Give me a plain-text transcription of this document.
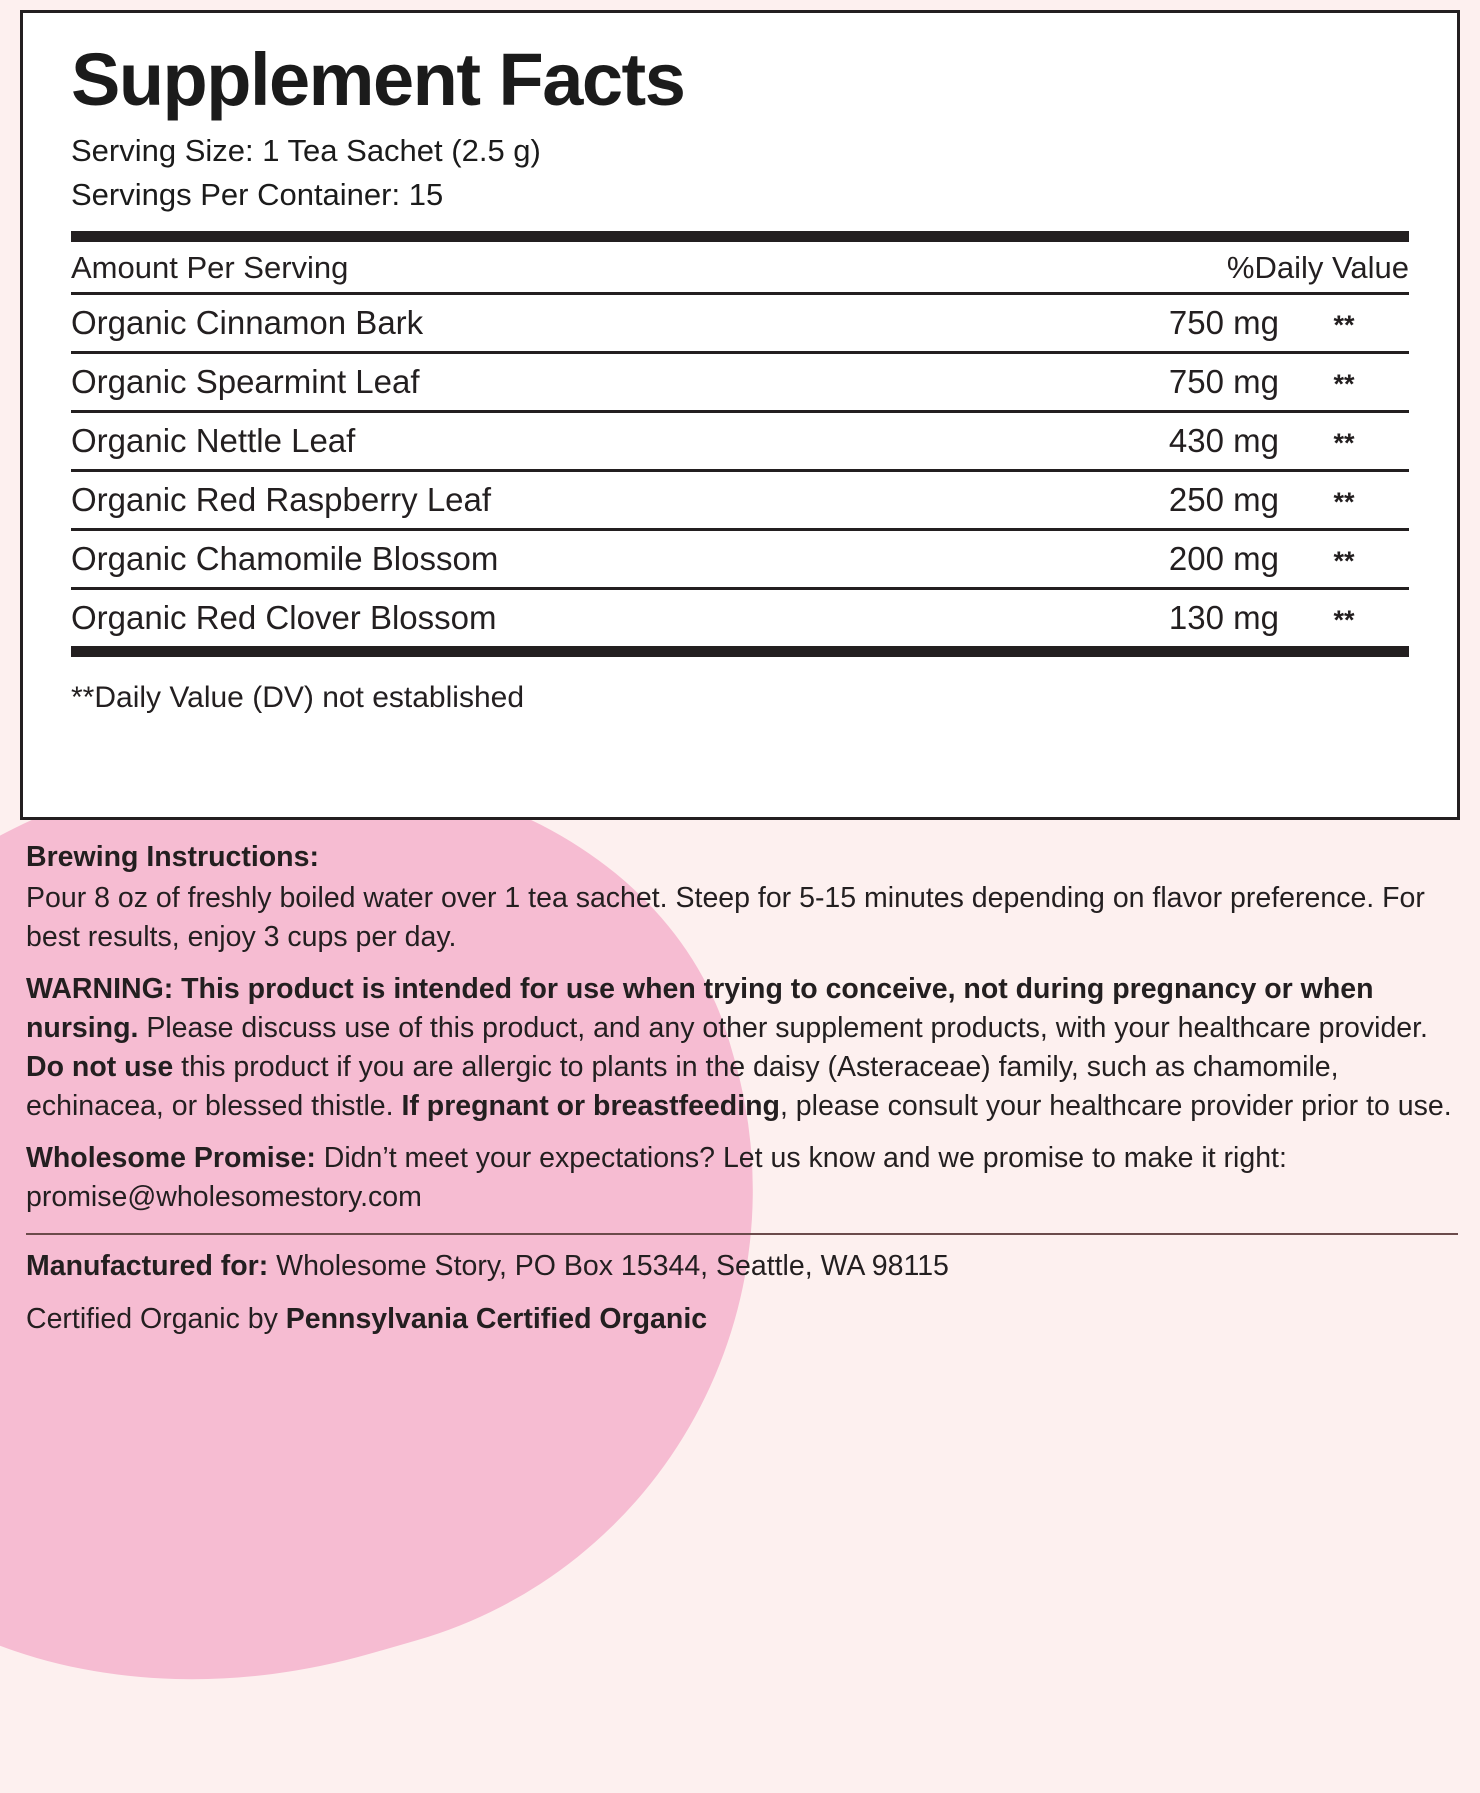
Supplement Facts
Serving Size: 1 Tea Sachet (2.5 g)
Servings Per Container: 15
Amount Per Serving	%Daily Value
Organic Cinnamon Bark	750 mg	**
Organic Spearmint Leaf	750 mg	**
Organic Nettle Leaf	430 mg	**
Organic Red Raspberry Leaf	250 mg	**
Organic Chamomile Blossom	200 mg	**
Organic Red Clover Blossom	130 mg	**
**Daily Value (DV) not established
Brewing Instructions:

Pour 8 oz of freshly boiled water over 1 tea sachet. Steep for 5-15 minutes depending on flavor preference. For best results, enjoy 3 cups per day.

WARNING: This product is intended for use when trying to conceive, not during pregnancy or when nursing. Please discuss use of this product, and any other supplement products, with your healthcare provider. Do not use this product if you are allergic to plants in the daisy (Asteraceae) family, such as chamomile, echinacea, or blessed thistle. If pregnant or breastfeeding, please consult your healthcare provider prior to use.

Wholesome Promise: Didn’t meet your expectations? Let us know and we promise to make it right:
promise@wholesomestory.com

Manufactured for: Wholesome Story, PO Box 15344, Seattle, WA 98115

Certified Organic by Pennsylvania Certified Organic
